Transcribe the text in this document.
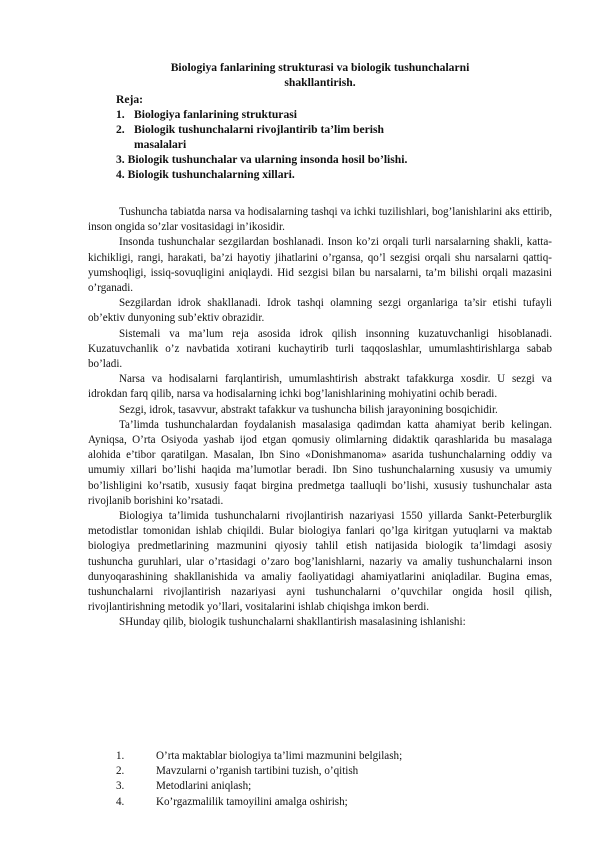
Biologiya fanlarining strukturasi va biologik tushunchalarni
shakllantirish.
Reja:
1. Biologiya fanlarining strukturasi
2. Biologik tushunchalarni rivojlantirib ta’lim berish
masalalari
3. Biologik tushunchalar va ularning insonda hosil bo’lishi.
4. Biologik tushunchalarning xillari.

Tushuncha tabiatda narsa va hodisalarning tashqi va ichki tuzilishlari, bog’lanishlarini aks ettirib, inson ongida so’zlar vositasidagi in’ikosidir.

Insonda tushunchalar sezgilardan boshlanadi. Inson ko’zi orqali turli narsalarning shakli, katta-kichikligi, rangi, harakati, ba’zi hayotiy jihatlarini o’rgansa, qo’l sezgisi orqali shu narsalarni qattiq-yumshoqligi, issiq-sovuqligini aniqlaydi. Hid sezgisi bilan bu narsalarni, ta’m bilishi orqali mazasini o’rganadi.

Sezgilardan idrok shakllanadi. Idrok tashqi olamning sezgi organlariga ta’sir etishi tufayli ob’ektiv dunyoning sub’ektiv obrazidir.

Sistemali va ma’lum reja asosida idrok qilish insonning kuzatuvchanligi hisoblanadi. Kuzatuvchanlik o’z navbatida xotirani kuchaytirib turli taqqoslashlar, umumlashtirishlarga sabab bo’ladi.

Narsa va hodisalarni farqlantirish, umumlashtirish abstrakt tafakkurga xosdir. U sezgi va idrokdan farq qilib, narsa va hodisalarning ichki bog’lanishlarining mohiyatini ochib beradi.

Sezgi, idrok, tasavvur, abstrakt tafakkur va tushuncha bilish jarayonining bosqichidir.

Ta’limda tushunchalardan foydalanish masalasiga qadimdan katta ahamiyat berib kelingan. Ayniqsa, O’rta Osiyoda yashab ijod etgan qomusiy olimlarning didaktik qarashlarida bu masalaga alohida e’tibor qaratilgan. Masalan, Ibn Sino «Donishmanoma» asarida tushunchalarning oddiy va umumiy xillari bo’lishi haqida ma’lumotlar beradi. Ibn Sino tushunchalarning xususiy va umumiy bo’lishligini ko’rsatib, xususiy faqat birgina predmetga taalluqli bo’lishi, xususiy tushunchalar asta rivojlanib borishini ko’rsatadi.

Biologiya ta’limida tushunchalarni rivojlantirish nazariyasi 1550 yillarda Sankt-Peterburglik metodistlar tomonidan ishlab chiqildi. Bular biologiya fanlari qo’lga kiritgan yutuqlarni va maktab biologiya predmetlarining mazmunini qiyosiy tahlil etish natijasida biologik ta’limdagi asosiy tushuncha guruhlari, ular o’rtasidagi o’zaro bog’lanishlarni, nazariy va amaliy tushunchalarni inson dunyoqarashining shakllanishida va amaliy faoliyatidagi ahamiyatlarini aniqladilar. Bugina emas, tushunchalarni rivojlantirish nazariyasi ayni tushunchalarni o’quvchilar ongida hosil qilish, rivojlantirishning metodik yo’llari, vositalarini ishlab chiqishga imkon berdi.

SHunday qilib, biologik tushunchalarni shakllantirish masalasining ishlanishi:

1.	O’rta maktablar biologiya ta’limi mazmunini belgilash;
2.	Mavzularni o’rganish tartibini tuzish, o’qitish
3.	Metodlarini aniqlash;
4.	Ko’rgazmalilik tamoyilini amalga oshirish;
